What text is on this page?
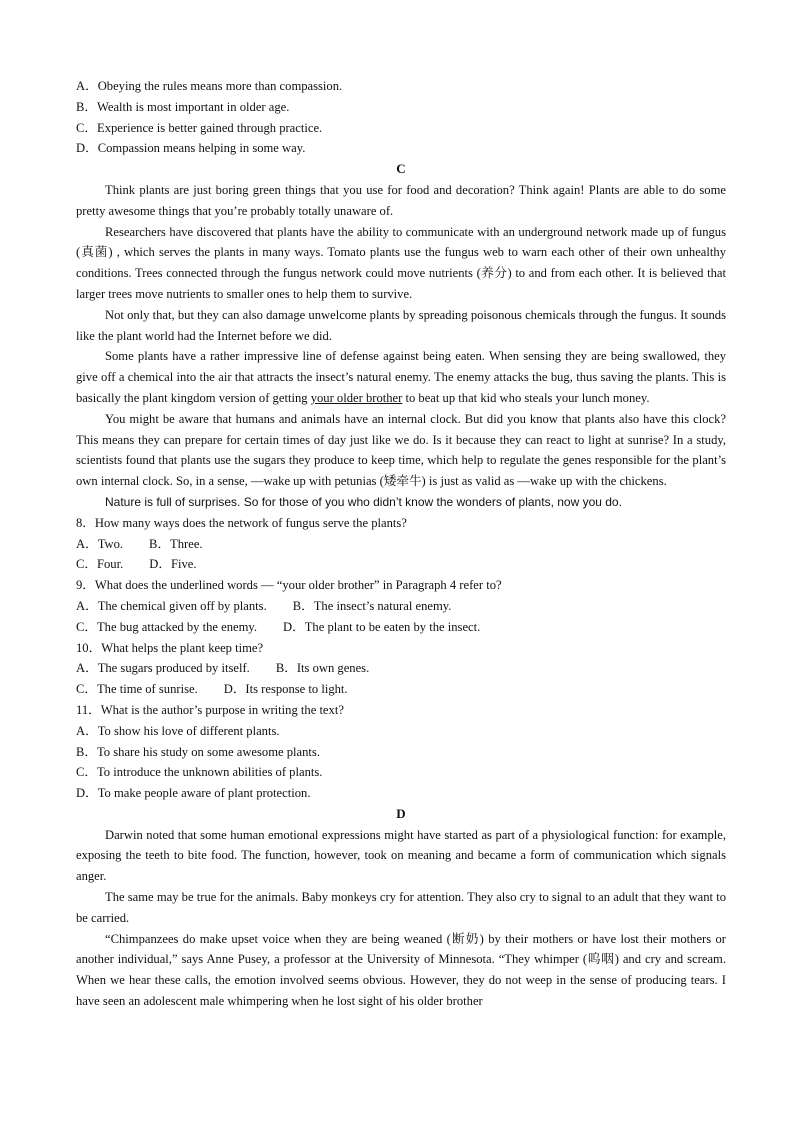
A．Obeying the rules means more than compassion.
B．Wealth is most important in older age.
C．Experience is better gained through practice.
D．Compassion means helping in some way.
C

Think plants are just boring green things that you use for food and decoration? Think again! Plants are able to do some pretty awesome things that you’re probably totally unaware of.

Researchers have discovered that plants have the ability to communicate with an underground network made up of fungus (真菌) , which serves the plants in many ways. Tomato plants use the fungus web to warn each other of their own unhealthy conditions. Trees connected through the fungus network could move nutrients (养分) to and from each other. It is believed that larger trees move nutrients to smaller ones to help them to survive.

Not only that, but they can also damage unwelcome plants by spreading poisonous chemicals through the fungus. It sounds like the plant world had the Internet before we did.

Some plants have a rather impressive line of defense against being eaten. When sensing they are being swallowed, they give off a chemical into the air that attracts the insect’s natural enemy. The enemy attacks the bug, thus saving the plants. This is basically the plant kingdom version of getting your older brother to beat up that kid who steals your lunch money.

You might be aware that humans and animals have an internal clock. But did you know that plants also have this clock? This means they can prepare for certain times of day just like we do. Is it because they can react to light at sunrise? In a study, scientists found that plants use the sugars they produce to keep time, which help to regulate the genes responsible for the plant’s own internal clock. So, in a sense, —wake up with petunias (矮牵牛) is just as valid as —wake up with the chickens.

Nature is full of surprises. So for those of you who didn’t know the wonders of plants, now you do.

8．How many ways does the network of fungus serve the plants?
A．Two. B．Three.
C．Four. D．Five.
9．What does the underlined words — “your older brother” in Paragraph 4 refer to?
A．The chemical given off by plants. B．The insect’s natural enemy.
C．The bug attacked by the enemy. D．The plant to be eaten by the insect.
10．What helps the plant keep time?
A．The sugars produced by itself. B．Its own genes.
C．The time of sunrise. D．Its response to light.
11．What is the author’s purpose in writing the text?
A．To show his love of different plants.
B．To share his study on some awesome plants.
C．To introduce the unknown abilities of plants.
D．To make people aware of plant protection.
D

Darwin noted that some human emotional expressions might have started as part of a physiological function: for example, exposing the teeth to bite food. The function, however, took on meaning and became a form of communication which signals anger.

The same may be true for the animals. Baby monkeys cry for attention. They also cry to signal to an adult that they want to be carried.

“Chimpanzees do make upset voice when they are being weaned (断奶) by their mothers or have lost their mothers or another individual,” says Anne Pusey, a professor at the University of Minnesota. “They whimper (呜咽) and cry and scream. When we hear these calls, the emotion involved seems obvious. However, they do not weep in the sense of producing tears. I have seen an adolescent male whimpering when he lost sight of his older brother
